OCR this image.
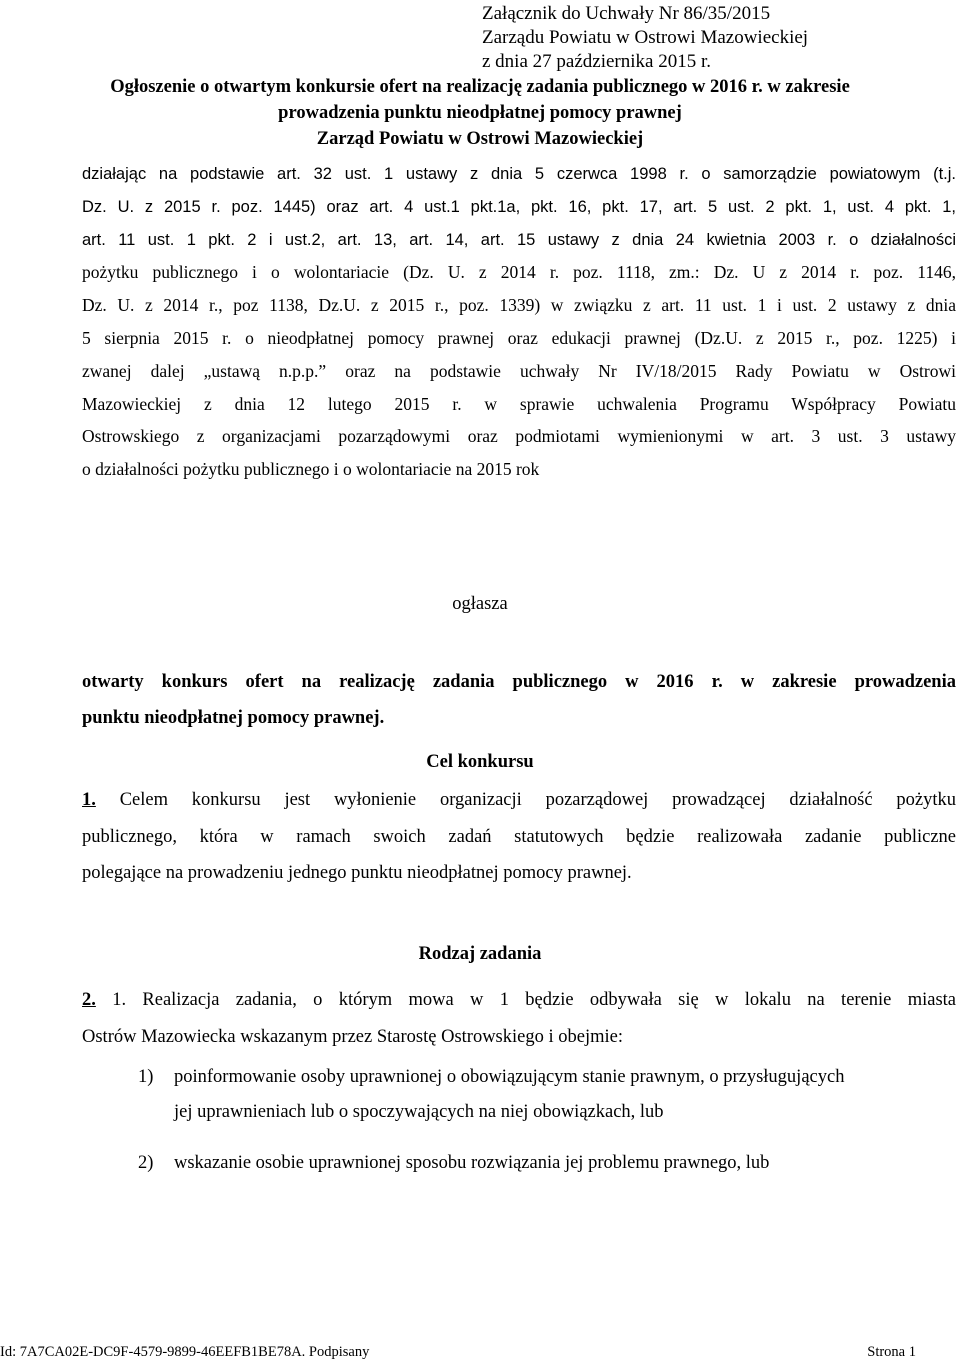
Załącznik do Uchwały Nr 86/35/2015
Zarządu Powiatu w Ostrowi Mazowieckiej
z dnia 27 października 2015 r.
Ogłoszenie o otwartym konkursie ofert na realizację zadania publicznego w 2016 r. w zakresie
prowadzenia punktu nieodpłatnej pomocy prawnej
Zarząd Powiatu w Ostrowi Mazowieckiej
działając na podstawie art. 32 ust. 1 ustawy z dnia 5 czerwca 1998 r. o samorządzie powiatowym (t.j.
Dz. U. z 2015 r. poz. 1445) oraz art. 4 ust.1 pkt.1a, pkt. 16, pkt. 17, art. 5 ust. 2 pkt. 1, ust. 4 pkt. 1,
art. 11 ust. 1 pkt. 2 i ust.2, art. 13, art. 14, art. 15 ustawy z dnia 24 kwietnia 2003 r. o działalności
pożytku publicznego i o wolontariacie (Dz. U. z 2014 r. poz. 1118, zm.: Dz. U z 2014 r. poz. 1146,
Dz. U. z 2014 r., poz 1138, Dz.U. z 2015 r., poz. 1339) w związku z art. 11 ust. 1 i ust. 2 ustawy z dnia
5 sierpnia 2015 r. o nieodpłatnej pomocy prawnej oraz edukacji prawnej (Dz.U. z 2015 r., poz. 1225) i
zwanej dalej „ustawą n.p.p.” oraz na podstawie uchwały Nr IV/18/2015 Rady Powiatu w Ostrowi
Mazowieckiej z dnia 12 lutego 2015 r. w sprawie uchwalenia Programu Współpracy Powiatu
Ostrowskiego z organizacjami pozarządowymi oraz podmiotami wymienionymi w art. 3 ust. 3 ustawy
o działalności pożytku publicznego i o wolontariacie na 2015 rok
ogłasza
otwarty konkurs ofert na realizację zadania publicznego w 2016 r. w zakresie prowadzenia
punktu nieodpłatnej pomocy prawnej.
Cel konkursu
1. Celem konkursu jest wyłonienie organizacji pozarządowej prowadzącej działalność pożytku
publicznego, która w ramach swoich zadań statutowych będzie realizowała zadanie publiczne
polegające na prowadzeniu jednego punktu nieodpłatnej pomocy prawnej.
Rodzaj zadania
2. 1. Realizacja zadania, o którym mowa w 1 będzie odbywała się w lokalu na terenie miasta
Ostrów Mazowiecka wskazanym przez Starostę Ostrowskiego i obejmie:
1) poinformowanie osoby uprawnionej o obowiązującym stanie prawnym, o przysługujących
jej uprawnieniach lub o spoczywających na niej obowiązkach, lub
2) wskazanie osobie uprawnionej sposobu rozwiązania jej problemu prawnego, lub
Id: 7A7CA02E-DC9F-4579-9899-46EEFB1BE78A. Podpisany	Strona 1
